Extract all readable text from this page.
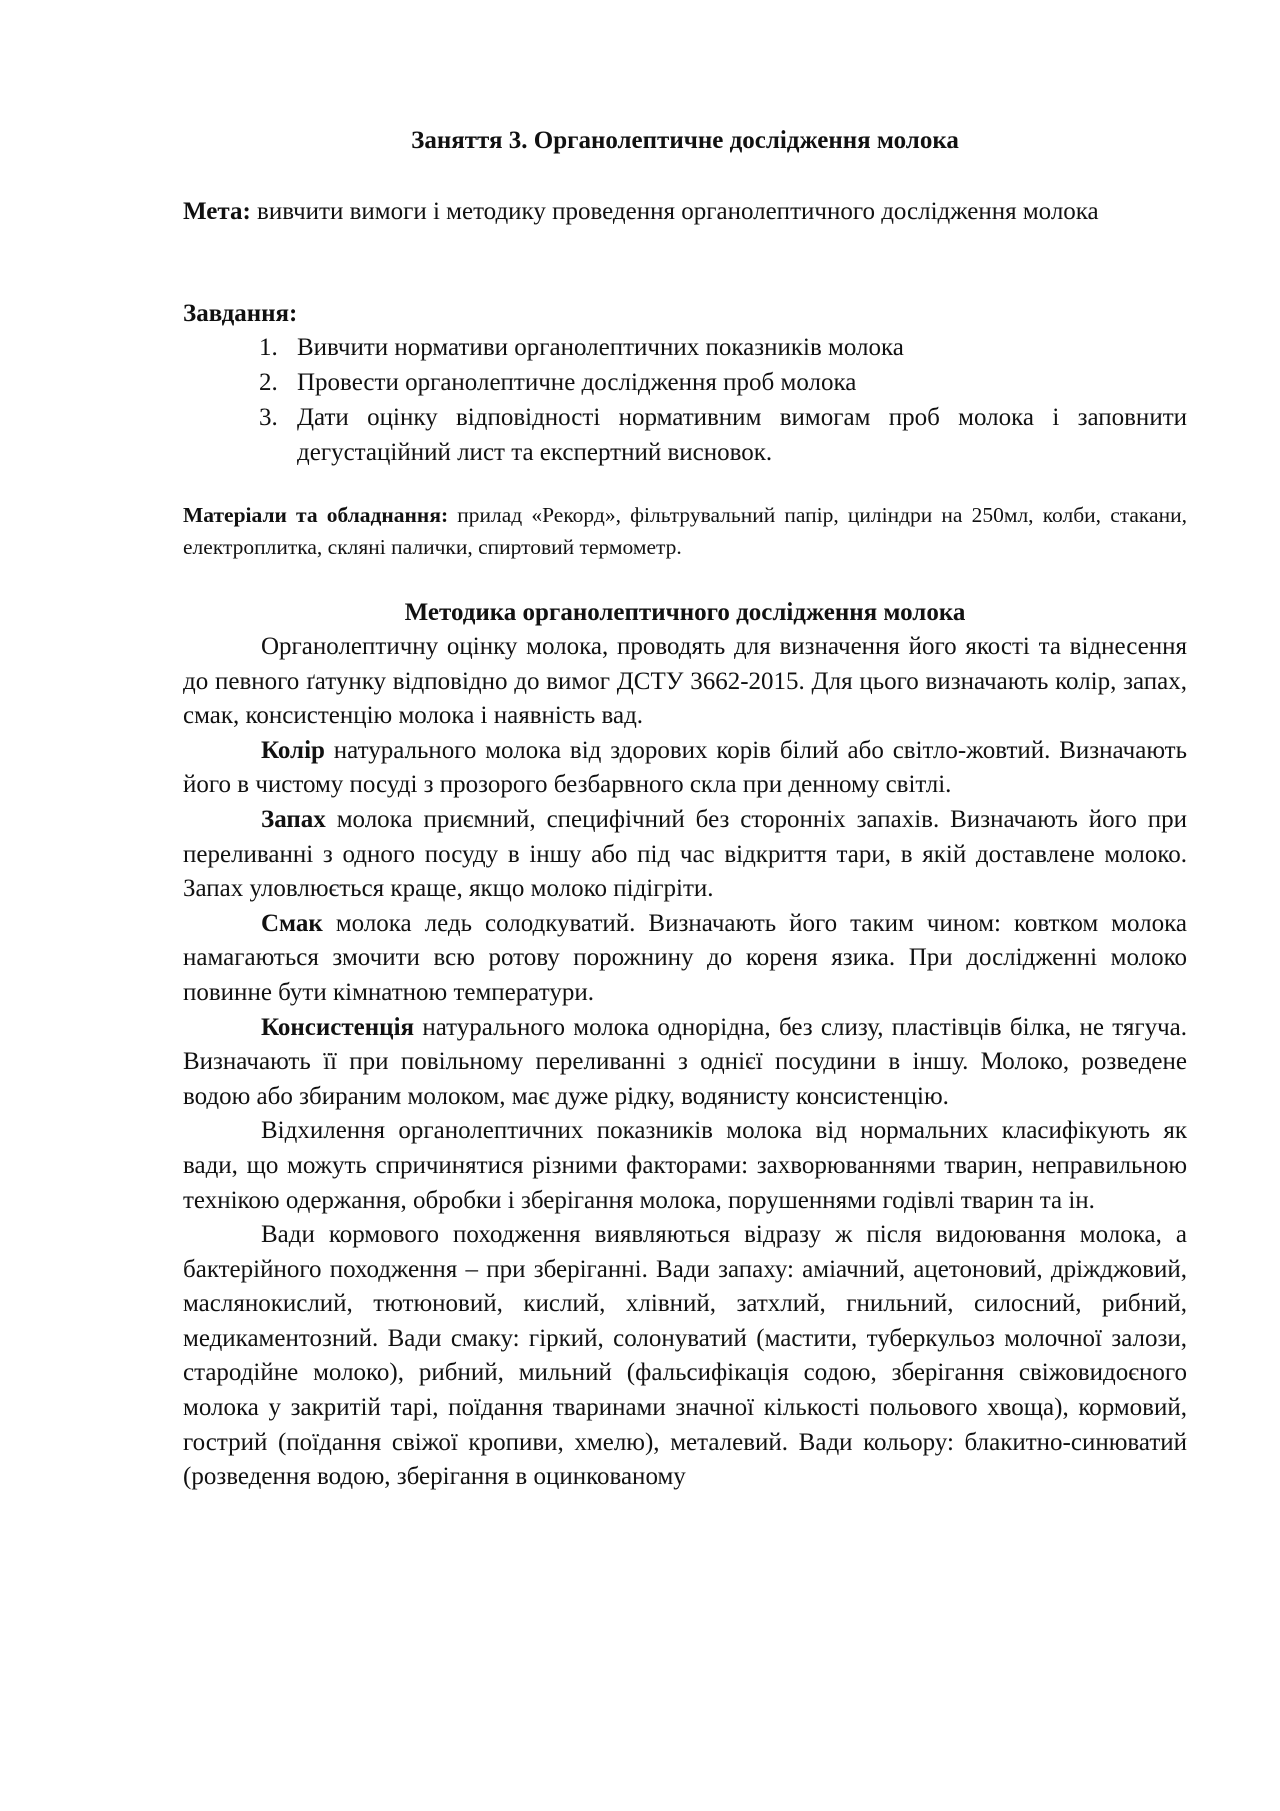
Заняття 3. Органолептичне дослідження молока
Мета: вивчити вимоги і методику проведення органолептичного дослідження молока
Завдання:
1. Вивчити нормативи органолептичних показників молока
2. Провести органолептичне дослідження проб молока
3. Дати оцінку відповідності нормативним вимогам проб молока і заповнити дегустаційний лист та експертний висновок.
Матеріали та обладнання: прилад «Рекорд», фільтрувальний папір, циліндри на 250мл, колби, стакани, електроплитка, скляні палички, спиртовий термометр.
Методика органолептичного дослідження молока

Органолептичну оцінку молока, проводять для визначення його якості та віднесення до певного ґатунку відповідно до вимог ДСТУ 3662-2015. Для цього визначають колір, запах, смак, консистенцію молока і наявність вад.

Колір натурального молока від здорових корів білий або світло-жовтий. Визначають його в чистому посуді з прозорого безбарвного скла при денному світлі.

Запах молока приємний, специфічний без сторонніх запахів. Визначають його при переливанні з одного посуду в іншу або під час відкриття тари, в якій доставлене молоко. Запах уловлюється краще, якщо молоко підігріти.

Смак молока ледь солодкуватий. Визначають його таким чином: ковтком молока намагаються змочити всю ротову порожнину до кореня язика. При дослідженні молоко повинне бути кімнатною температури.

Консистенція натурального молока однорідна, без слизу, пластівців білка, не тягуча. Визначають її при повільному переливанні з однієї посудини в іншу. Молоко, розведене водою або збираним молоком, має дуже рідку, водянисту консистенцію.

Відхилення органолептичних показників молока від нормальних класифікують як вади, що можуть спричинятися різними факторами: захворюваннями тварин, неправильною технікою одержання, обробки і зберігання молока, порушеннями годівлі тварин та ін.

Вади кормового походження виявляються відразу ж після видоювання молока, а бактерійного походження – при зберіганні. Вади запаху: аміачний, ацетоновий, дріжджовий, маслянокислий, тютюновий, кислий, хлівний, затхлий, гнильний, силосний, рибний, медикаментозний. Вади смаку: гіркий, солонуватий (мастити, туберкульоз молочної залози, стародійне молоко), рибний, мильний (фальсифікація содою, зберігання свіжовидоєного молока у закритій тарі, поїдання тваринами значної кількості польового хвоща), кормовий, гострий (поїдання свіжої кропиви, хмелю), металевий. Вади кольору: блакитно-синюватий (розведення водою, зберігання в оцинкованому
